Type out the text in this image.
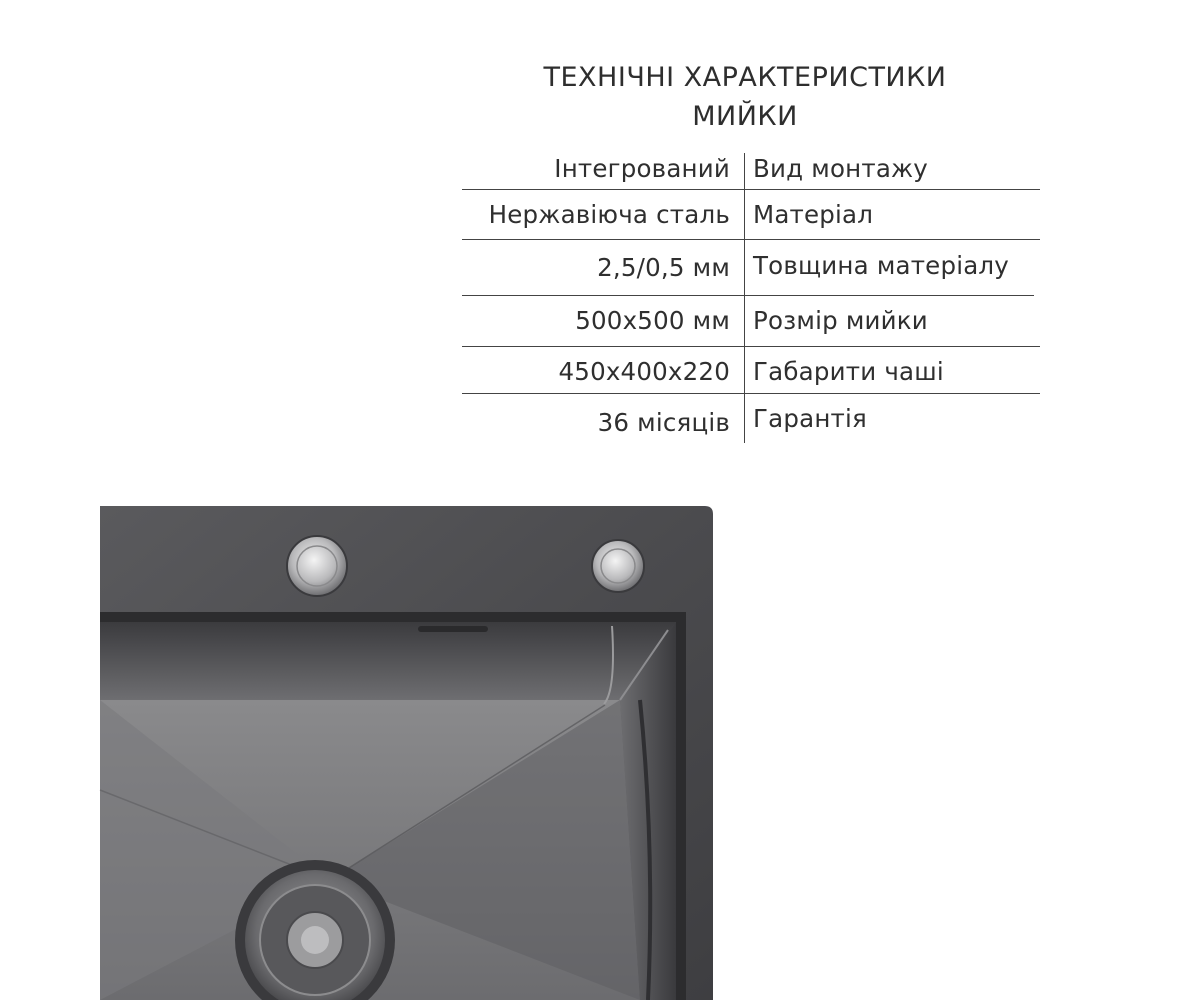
ТЕХНІЧНІ ХАРАКТЕРИСТИКИ
МИЙКИ
Інтегрований Вид монтажу
Нержавіюча сталь Матеріал
2,5/0,5 мм Товщина матеріалу
500х500 мм Розмір мийки
450х400х220 Габарити чаші
36 місяців Гарантія
